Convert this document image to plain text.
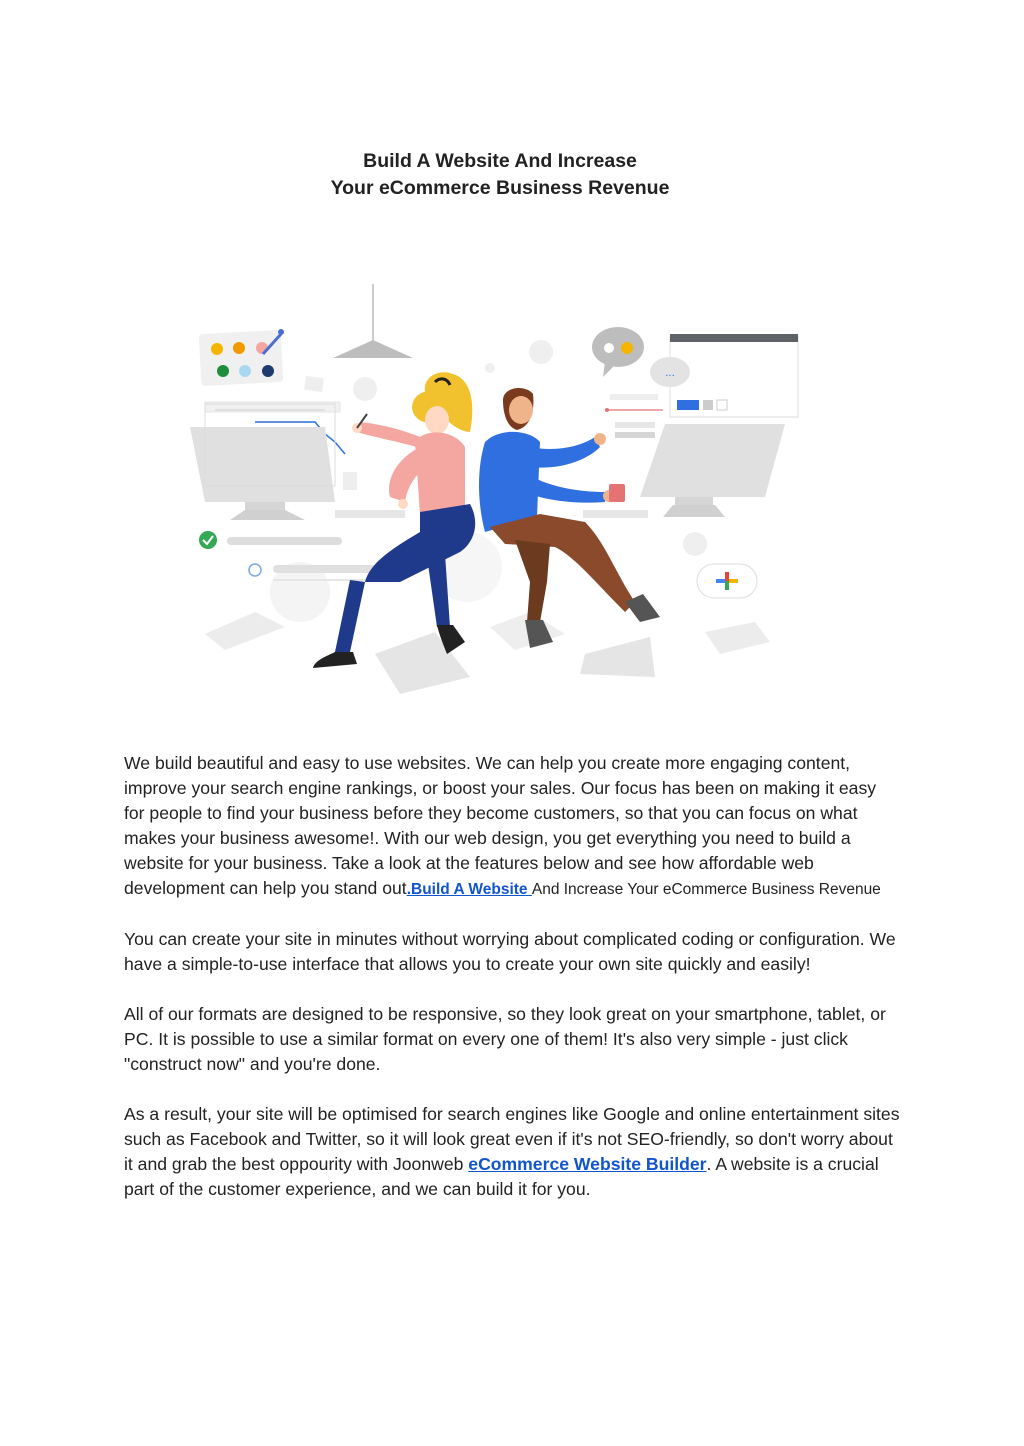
Build A Website And Increase
Your eCommerce Business Revenue
...

We build beautiful and easy to use websites. We can help you create more engaging content, improve your search engine rankings, or boost your sales. Our focus has been on making it easy for people to find your business before they become customers, so that you can focus on what makes your business awesome!. With our web design, you get everything you need to build a website for your business. Take a look at the features below and see how affordable web development can help you stand out.Build A Website And Increase Your eCommerce Business Revenue

You can create your site in minutes without worrying about complicated coding or configuration. We have a simple-to-use interface that allows you to create your own site quickly and easily!

All of our formats are designed to be responsive, so they look great on your smartphone, tablet, or PC. It is possible to use a similar format on every one of them! It's also very simple - just click "construct now" and you're done.

As a result, your site will be optimised for search engines like Google and online entertainment sites such as Facebook and Twitter, so it will look great even if it's not SEO-friendly, so don't worry about it and grab the best oppourity with Joonweb eCommerce Website Builder. A website is a crucial part of the customer experience, and we can build it for you.
